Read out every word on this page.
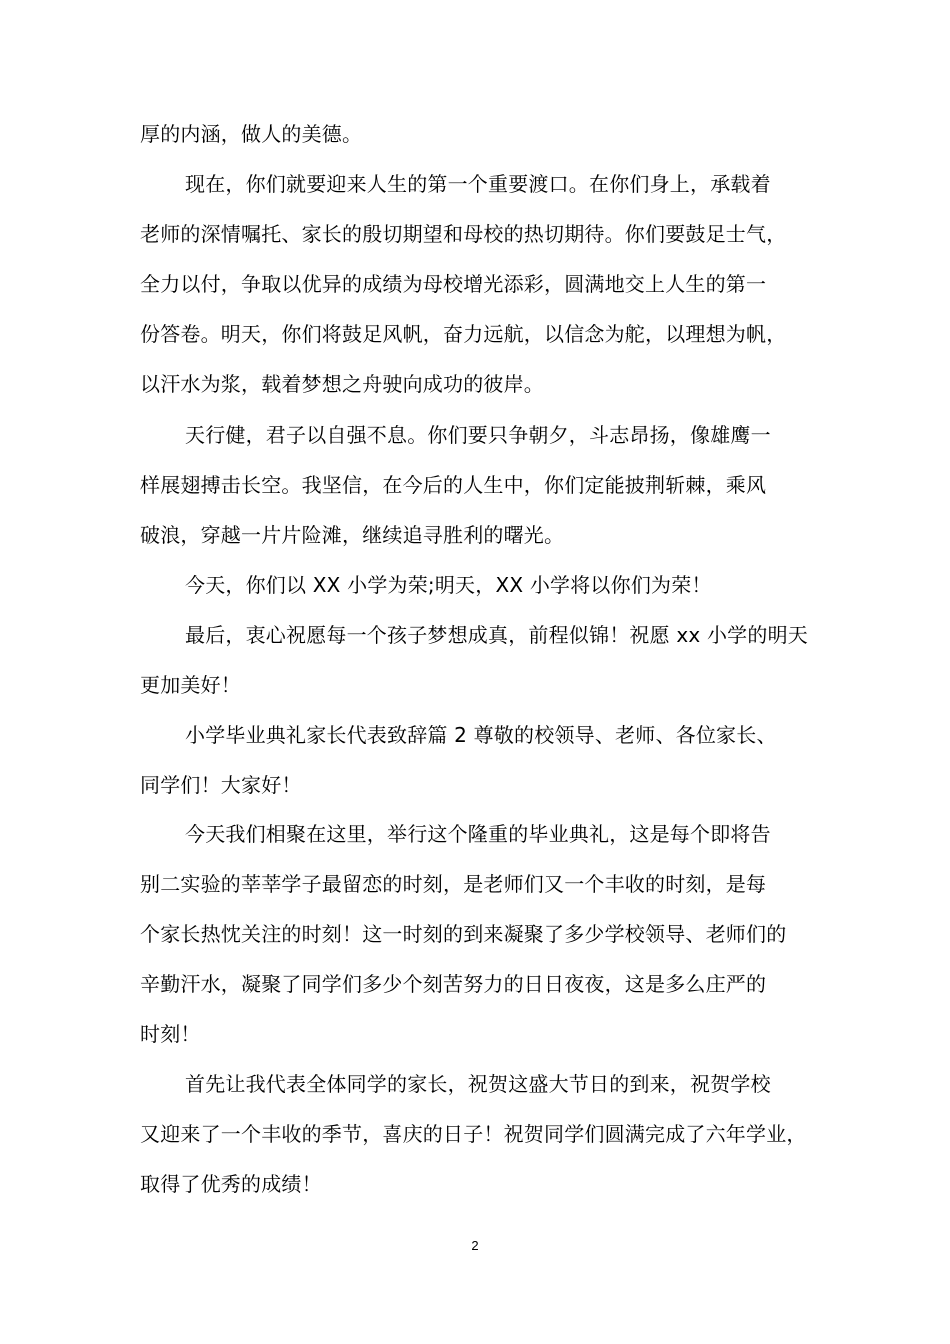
厚的内涵，做人的美德。
现在，你们就要迎来人生的第一个重要渡口。在你们身上，承载着
老师的深情嘱托、家长的殷切期望和母校的热切期待。你们要鼓足士气，
全力以付，争取以优异的成绩为母校增光添彩，圆满地交上人生的第一
份答卷。明天，你们将鼓足风帆，奋力远航，以信念为舵，以理想为帆，
以汗水为浆，载着梦想之舟驶向成功的彼岸。
天行健，君子以自强不息。你们要只争朝夕，斗志昂扬，像雄鹰一
样展翅搏击长空。我坚信，在今后的人生中，你们定能披荆斩棘，乘风
破浪，穿越一片片险滩，继续追寻胜利的曙光。
今天，你们以 XX 小学为荣;明天，XX 小学将以你们为荣！
最后，衷心祝愿每一个孩子梦想成真，前程似锦！祝愿 xx 小学的明天
更加美好！
小学毕业典礼家长代表致辞篇 2 尊敬的校领导、老师、各位家长、
同学们！大家好！
今天我们相聚在这里，举行这个隆重的毕业典礼，这是每个即将告
别二实验的莘莘学子最留恋的时刻，是老师们又一个丰收的时刻，是每
个家长热忱关注的时刻！这一时刻的到来凝聚了多少学校领导、老师们的
辛勤汗水，凝聚了同学们多少个刻苦努力的日日夜夜，这是多么庄严的
时刻！
首先让我代表全体同学的家长，祝贺这盛大节日的到来，祝贺学校
又迎来了一个丰收的季节，喜庆的日子！祝贺同学们圆满完成了六年学业，
取得了优秀的成绩！
2
